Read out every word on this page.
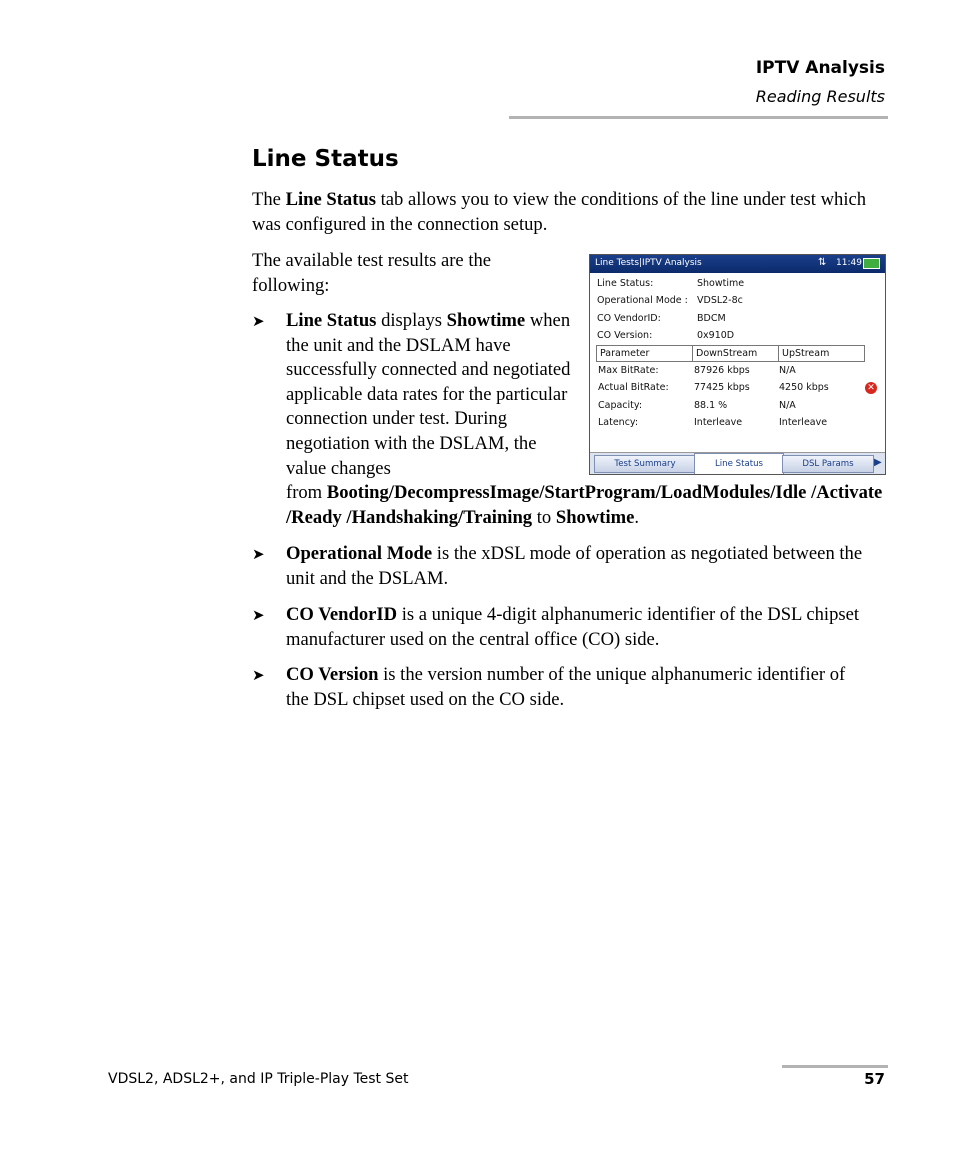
IPTV Analysis
Reading Results
Line Status

The Line Status tab allows you to view the conditions of the line under test which was configured in the connection setup.

The available test results are the following:

➤ Line Status displays Showtime when the unit and the DSLAM have successfully connected and negotiated applicable data rates for the particular connection under test. During negotiation with the DSLAM, the value changes

from Booting/DecompressImage/StartProgram/LoadModules/Idle /Activate /Ready /Handshaking/Training to Showtime.

➤ Operational Mode is the xDSL mode of operation as negotiated between the unit and the DSLAM.

➤ CO VendorID is a unique 4-digit alphanumeric identifier of the DSL chipset manufacturer used on the central office (CO) side.

➤ CO Version is the version number of the unique alphanumeric identifier of the DSL chipset used on the CO side.

Line Tests|IPTV Analysis	⇅ 11:49
Line Status:	Showtime
Operational Mode : VDSL2-8c
CO VendorID:	BDCM
CO Version:	0x910D
Parameter	DownStream	UpStream
Max BitRate:	87926 kbps	N/A
Actual BitRate:	77425 kbps	4250 kbps	✕
Capacity:	88.1 %	N/A
Latency:	Interleave	Interleave
Test Summary	Line Status	DSL Params	▶
VDSL2, ADSL2+, and IP Triple-Play Test Set	57
